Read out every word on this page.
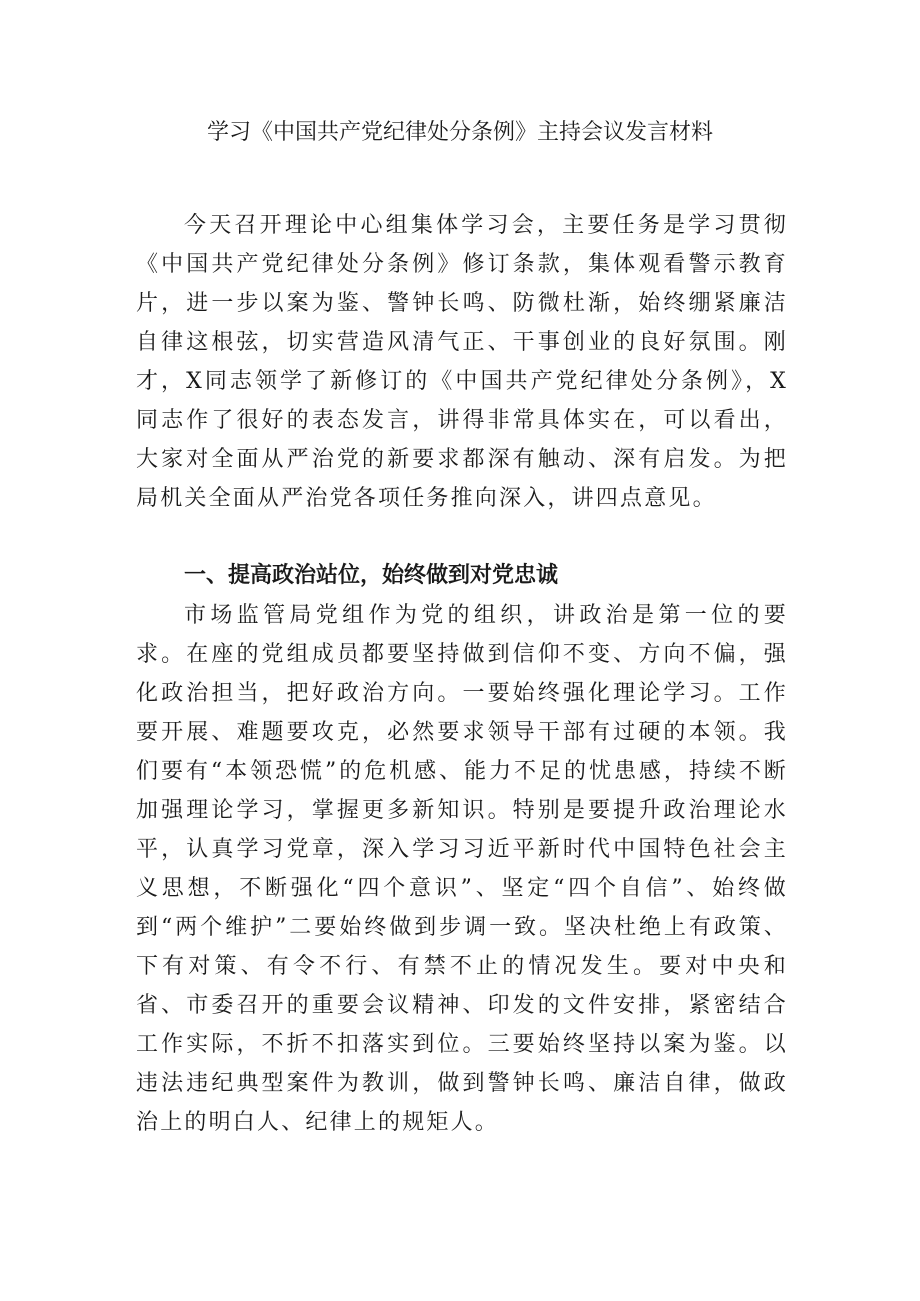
学习《中国共产党纪律处分条例》主持会议发言材料

今天召开理论中心组集体学习会，主要任务是学习贯彻《中国共产党纪律处分条例》修订条款，集体观看警示教育片，进一步以案为鉴、警钟长鸣、防微杜渐，始终绷紧廉洁自律这根弦，切实营造风清气正、干事创业的良好氛围。刚才，X同志领学了新修订的《中国共产党纪律处分条例》，X同志作了很好的表态发言，讲得非常具体实在，可以看出，大家对全面从严治党的新要求都深有触动、深有启发。为把局机关全面从严治党各项任务推向深入，讲四点意见。

一、提高政治站位，始终做到对党忠诚

市场监管局党组作为党的组织，讲政治是第一位的要求。在座的党组成员都要坚持做到信仰不变、方向不偏，强化政治担当，把好政治方向。一要始终强化理论学习。工作要开展、难题要攻克，必然要求领导干部有过硬的本领。我们要有“本领恐慌”的危机感、能力不足的忧患感，持续不断加强理论学习，掌握更多新知识。特别是要提升政治理论水平，认真学习党章，深入学习习近平新时代中国特色社会主义思想，不断强化“四个意识”、坚定“四个自信”、始终做到“两个维护”二要始终做到步调一致。坚决杜绝上有政策、下有对策、有令不行、有禁不止的情况发生。要对中央和省、市委召开的重要会议精神、印发的文件安排，紧密结合工作实际，不折不扣落实到位。三要始终坚持以案为鉴。以违法违纪典型案件为教训，做到警钟长鸣、廉洁自律，做政治上的明白人、纪律上的规矩人。
